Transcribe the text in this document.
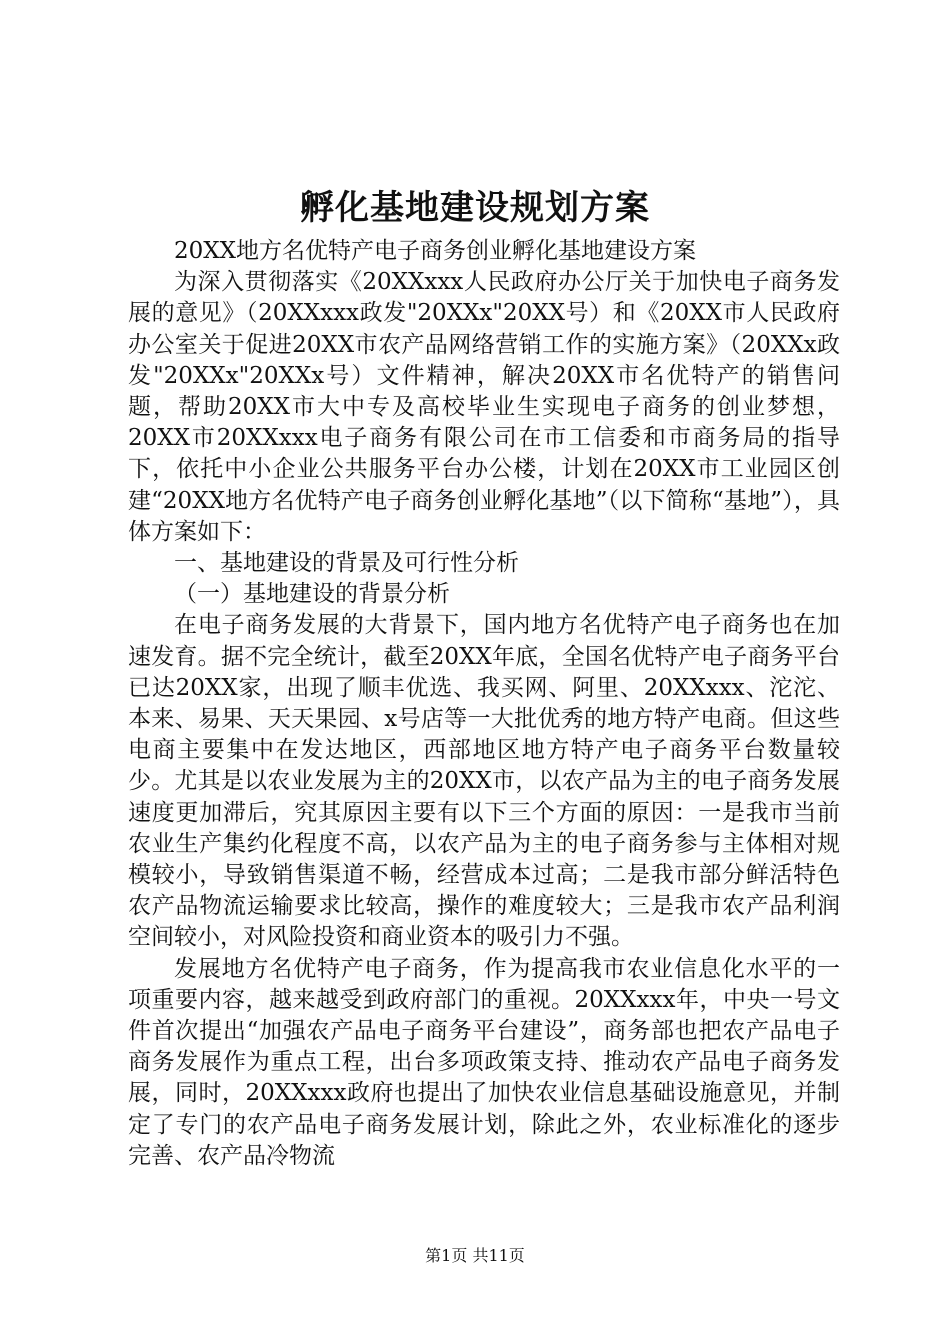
孵化基地建设规划方案

20XX地方名优特产电子商务创业孵化基地建设方案

为深入贯彻落实《20XXxxx人民政府办公厅关于加快电子商务发展的意见》（20XXxxx政发"20XXx"20XX号）和《20XX市人民政府办公室关于促进20XX市农产品网络营销工作的实施方案》（20XXx政发"20XXx"20XXx号）文件精神，解决20XX市名优特产的销售问题，帮助20XX市大中专及高校毕业生实现电子商务的创业梦想，20XX市20XXxxx电子商务有限公司在市工信委和市商务局的指导下，依托中小企业公共服务平台办公楼，计划在20XX市工业园区创建“20XX地方名优特产电子商务创业孵化基地”（以下简称“基地”），具体方案如下：

一、基地建设的背景及可行性分析

（一）基地建设的背景分析

在电子商务发展的大背景下，国内地方名优特产电子商务也在加速发育。据不完全统计，截至20XX年底，全国名优特产电子商务平台已达20XX家，出现了顺丰优选、我买网、阿里、20XXxxx、沱沱、本来、易果、天天果园、x号店等一大批优秀的地方特产电商。但这些电商主要集中在发达地区，西部地区地方特产电子商务平台数量较少。尤其是以农业发展为主的20XX市，以农产品为主的电子商务发展速度更加滞后，究其原因主要有以下三个方面的原因：一是我市当前农业生产集约化程度不高，以农产品为主的电子商务参与主体相对规模较小，导致销售渠道不畅，经营成本过高；二是我市部分鲜活特色农产品物流运输要求比较高，操作的难度较大；三是我市农产品利润空间较小，对风险投资和商业资本的吸引力不强。

发展地方名优特产电子商务，作为提高我市农业信息化水平的一项重要内容，越来越受到政府部门的重视。20XXxxx年，中央一号文件首次提出“加强农产品电子商务平台建设”，商务部也把农产品电子商务发展作为重点工程，出台多项政策支持、推动农产品电子商务发展，同时，20XXxxx政府也提出了加快农业信息基础设施意见，并制定了专门的农产品电子商务发展计划，除此之外，农业标准化的逐步完善、农产品冷物流

第1页 共11页
